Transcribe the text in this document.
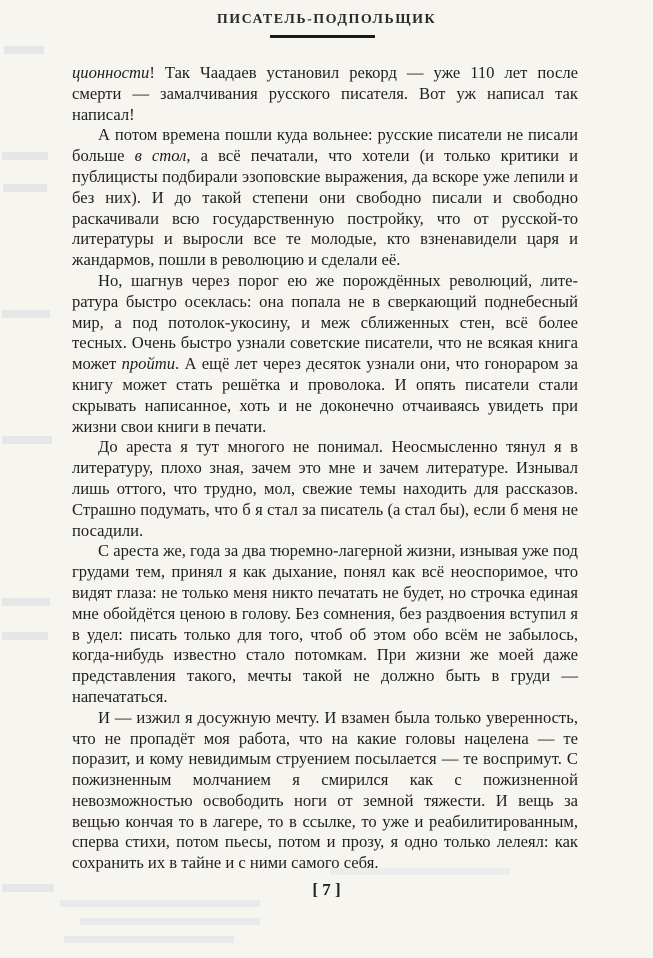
ПИСАТЕЛЬ-ПОДПОЛЬЩИК

ционности! Так Чаадаев установил рекорд — уже 110 лет после смерти — замалчивания русского писателя. Вот уж написал так написал!

А потом времена пошли куда вольнее: русские писатели не писали больше в стол, а всё печатали, что хотели (и только критики и публицисты подбирали эзоповские выражения, да вскоре уже лепили и без них). И до такой степени они свободно писали и свободно раскачивали всю государственную постройку, что от русской-то литературы и выросли все те молодые, кто взненавидели царя и жандармов, пошли в революцию и сделали её.

Но, шагнув через порог ею же порождённых революций, литература быстро осеклась: она попала не в сверкающий поднебесный мир, а под потолок-укосину, и меж сближенных стен, всё более тесных. Очень быстро узнали советские писатели, что не всякая книга может пройти. А ещё лет через десяток узнали они, что гонораром за книгу может стать решётка и проволока. И опять писатели стали скрывать написанное, хоть и не доконечно отчаиваясь увидеть при жизни свои книги в печати.

До ареста я тут многого не понимал. Неосмысленно тянул я в литературу, плохо зная, зачем это мне и зачем литературе. Изнывал лишь оттого, что трудно, мол, свежие темы находить для рассказов. Страшно подумать, что б я стал за писатель (а стал бы), если б меня не посадили.

С ареста же, года за два тюремно-лагерной жизни, изнывая уже под грудами тем, принял я как дыхание, понял как всё неоспоримое, что видят глаза: не только меня никто печатать не будет, но строчка единая мне обойдётся ценою в голову. Без сомнения, без раздвоения вступил я в удел: писать только для того, чтоб об этом обо всём не забылось, когда-нибудь известно стало потомкам. При жизни же моей даже представления такого, мечты такой не должно быть в груди — напечататься.

И — изжил я досужную мечту. И взамен была только уверенность, что не пропадёт моя работа, что на какие головы нацелена — те поразит, и кому невидимым струением посылается — те воспримут. С пожизненным молчанием я смирился как с пожизненной невозможностью освободить ноги от земной тяжести. И вещь за вещью кончая то в лагере, то в ссылке, то уже и реабилитированным, сперва стихи, потом пьесы, потом и прозу, я одно только лелеял: как сохранить их в тайне и с ними самого себя.

[ 7 ]
